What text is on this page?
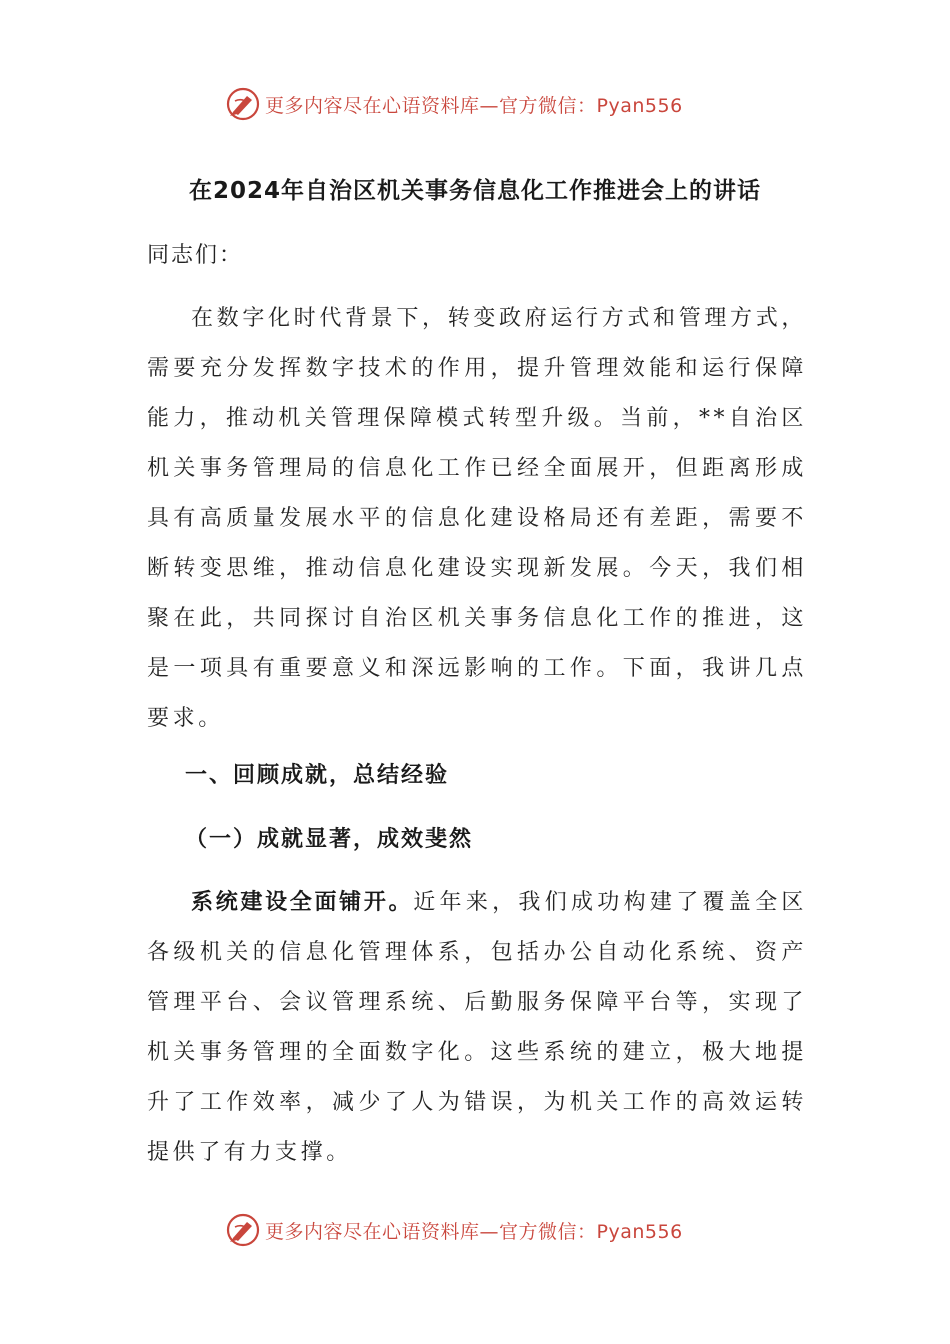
更多内容尽在心语资料库—官方微信：Pyan556
在2024年自治区机关事务信息化工作推进会上的讲话
同志们：

在数字化时代背景下，转变政府运行方式和管理方式，需要充分发挥数字技术的作用，提升管理效能和运行保障能力，推动机关管理保障模式转型升级。当前，**自治区机关事务管理局的信息化工作已经全面展开，但距离形成具有高质量发展水平的信息化建设格局还有差距，需要不断转变思维，推动信息化建设实现新发展。今天，我们相聚在此，共同探讨自治区机关事务信息化工作的推进，这是一项具有重要意义和深远影响的工作。下面，我讲几点要求。

一、回顾成就，总结经验
（一）成就显著，成效斐然

系统建设全面铺开。近年来，我们成功构建了覆盖全区各级机关的信息化管理体系，包括办公自动化系统、资产管理平台、会议管理系统、后勤服务保障平台等，实现了机关事务管理的全面数字化。这些系统的建立，极大地提升了工作效率，减少了人为错误，为机关工作的高效运转提供了有力支撑。

更多内容尽在心语资料库—官方微信：Pyan556
